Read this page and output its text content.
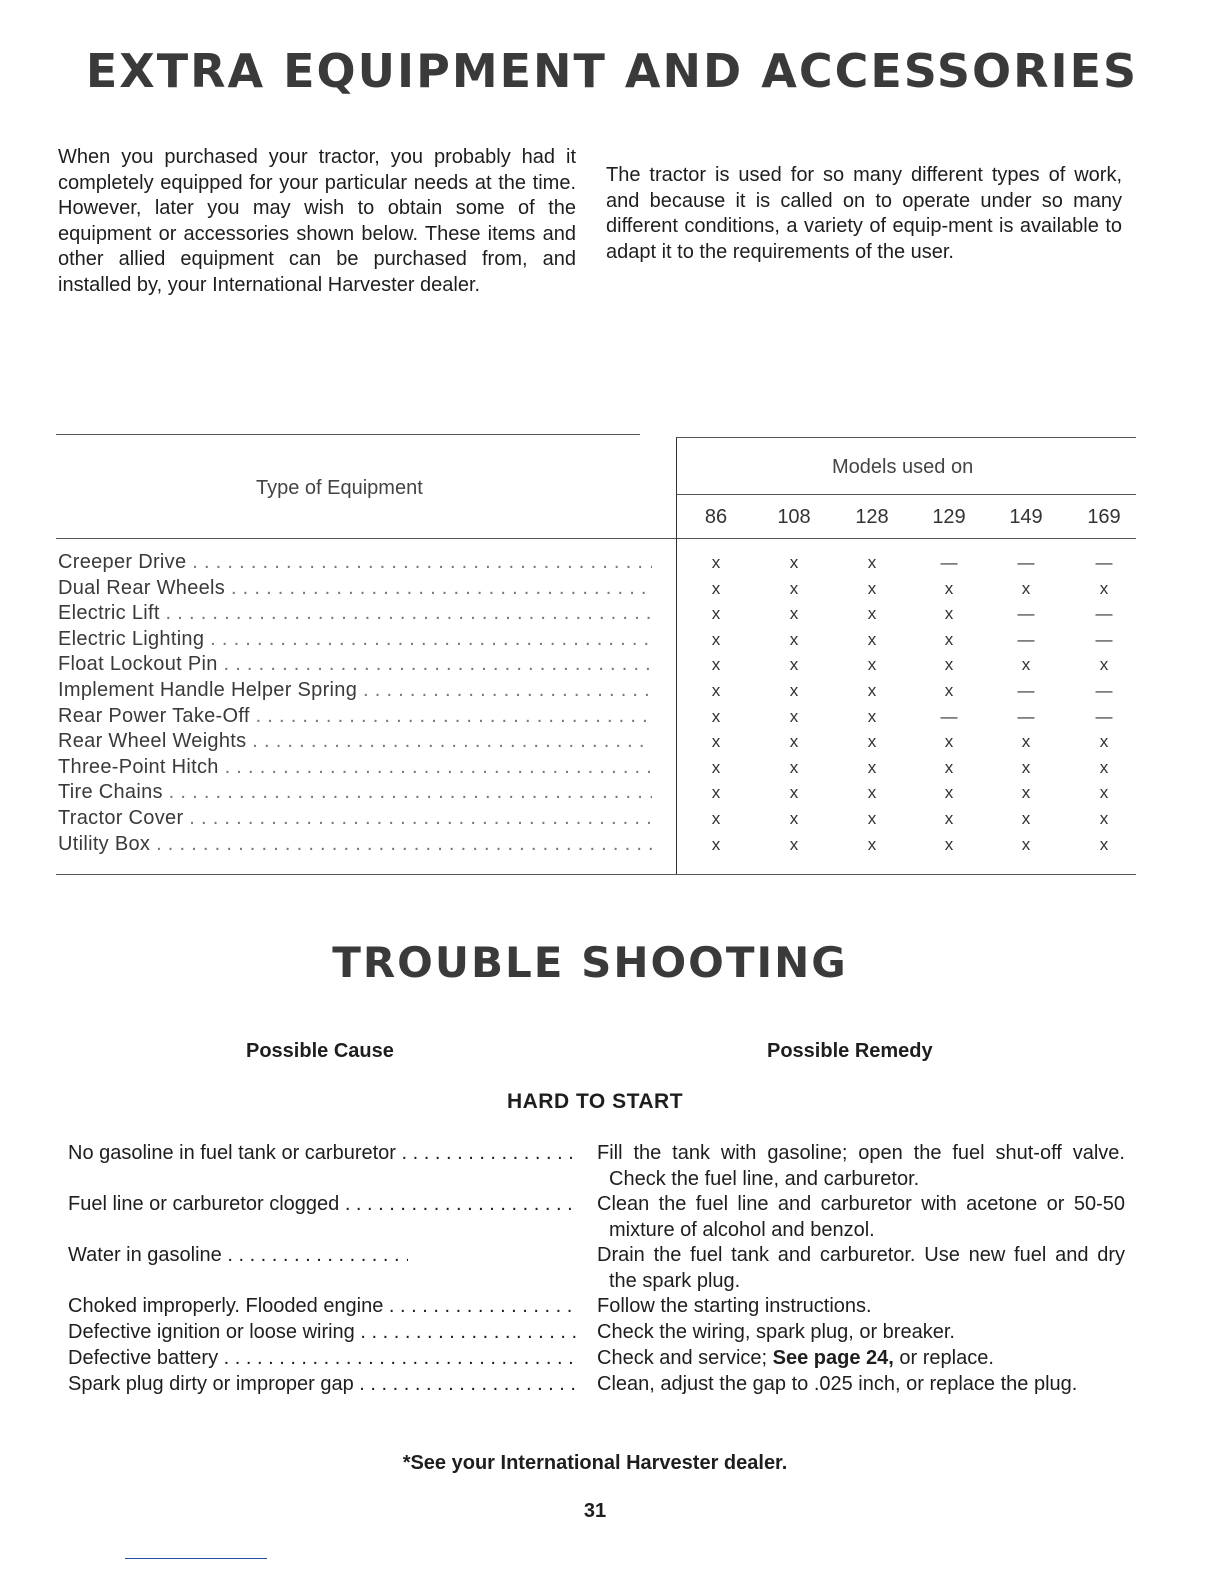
EXTRA EQUIPMENT AND ACCESSORIES

When you purchased your tractor, you probably had it completely equipped for your particular needs at the time. However, later you may wish to obtain some of the equipment or accessories shown below. These items and other allied equipment can be purchased from, and installed by, your International Harvester dealer.

The tractor is used for so many different types of work, and because it is called on to operate under so many different conditions, a variety of equip-ment is available to adapt it to the requirements of the user.

Type of Equipment
Models used on
86	108	128	129	149	169
Creeper Drive . . .	x	x	x	—	—	—
Dual Rear Wheels . . .	x	x	x	x	x	x
Electric Lift . . .	x	x	x	x	—	—
Electric Lighting . . .	x	x	x	x	—	—
Float Lockout Pin . . .	x	x	x	x	x	x
Implement Handle Helper Spring . . .	x	x	x	x	—	—
Rear Power Take-Off . . .	x	x	x	—	—	—
Rear Wheel Weights . . .	x	x	x	x	x	x
Three-Point Hitch . . .	x	x	x	x	x	x
Tire Chains . . .	x	x	x	x	x	x
Tractor Cover . . .	x	x	x	x	x	x
Utility Box . . .	x	x	x	x	x	x
TROUBLE SHOOTING
Possible Cause	Possible Remedy
HARD TO START
No gasoline in fuel tank or carburetor . . .	Fill the tank with gasoline; open the fuel shut-off valve. Check the fuel line, and carburetor.
Fuel line or carburetor clogged . . .	Clean the fuel line and carburetor with acetone or 50-50 mixture of alcohol and benzol.
Water in gasoline . . .	Drain the fuel tank and carburetor. Use new fuel and dry the spark plug.
Choked improperly. Flooded engine . . .	Follow the starting instructions.
Defective ignition or loose wiring . . .	Check the wiring, spark plug, or breaker.
Defective battery . . .	Check and service; See page 24, or replace.
Spark plug dirty or improper gap . . .	Clean, adjust the gap to .025 inch, or replace the plug.
*See your International Harvester dealer.
31
